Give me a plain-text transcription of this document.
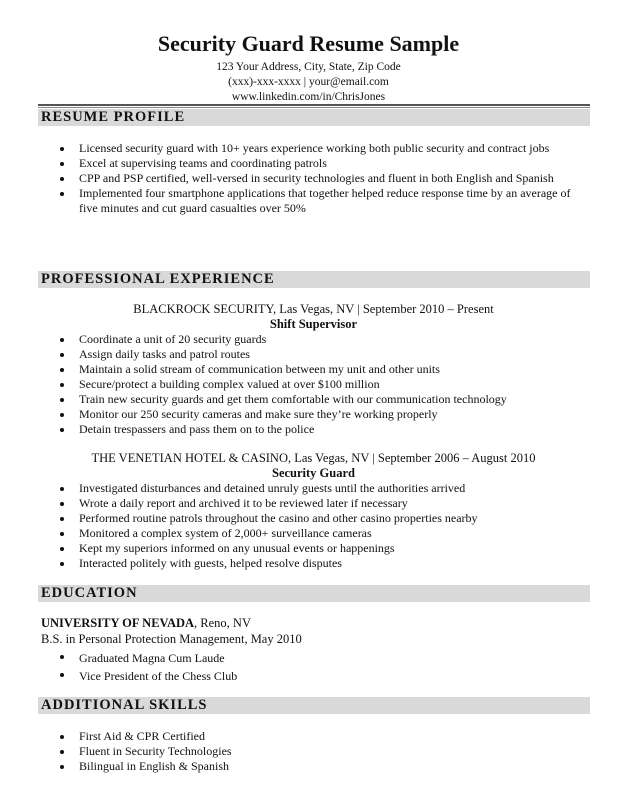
Security Guard Resume Sample
123 Your Address, City, State, Zip Code
(xxx)-xxx-xxxx | your@email.com
www.linkedin.com/in/ChrisJones
RESUME PROFILE
Licensed security guard with 10+ years experience working both public security and contract jobs
Excel at supervising teams and coordinating patrols
CPP and PSP certified, well-versed in security technologies and fluent in both English and Spanish
Implemented four smartphone applications that together helped reduce response time by an average of five minutes and cut guard casualties over 50%
PROFESSIONAL EXPERIENCE
BLACKROCK SECURITY, Las Vegas, NV | September 2010 – Present
Shift Supervisor
Coordinate a unit of 20 security guards
Assign daily tasks and patrol routes
Maintain a solid stream of communication between my unit and other units
Secure/protect a building complex valued at over $100 million
Train new security guards and get them comfortable with our communication technology
Monitor our 250 security cameras and make sure they’re working properly
Detain trespassers and pass them on to the police
THE VENETIAN HOTEL & CASINO, Las Vegas, NV | September 2006 – August 2010
Security Guard
Investigated disturbances and detained unruly guests until the authorities arrived
Wrote a daily report and archived it to be reviewed later if necessary
Performed routine patrols throughout the casino and other casino properties nearby
Monitored a complex system of 2,000+ surveillance cameras
Kept my superiors informed on any unusual events or happenings
Interacted politely with guests, helped resolve disputes
EDUCATION
UNIVERSITY OF NEVADA, Reno, NV
B.S. in Personal Protection Management, May 2010
Graduated Magna Cum Laude
Vice President of the Chess Club
ADDITIONAL SKILLS
First Aid & CPR Certified
Fluent in Security Technologies
Bilingual in English & Spanish
